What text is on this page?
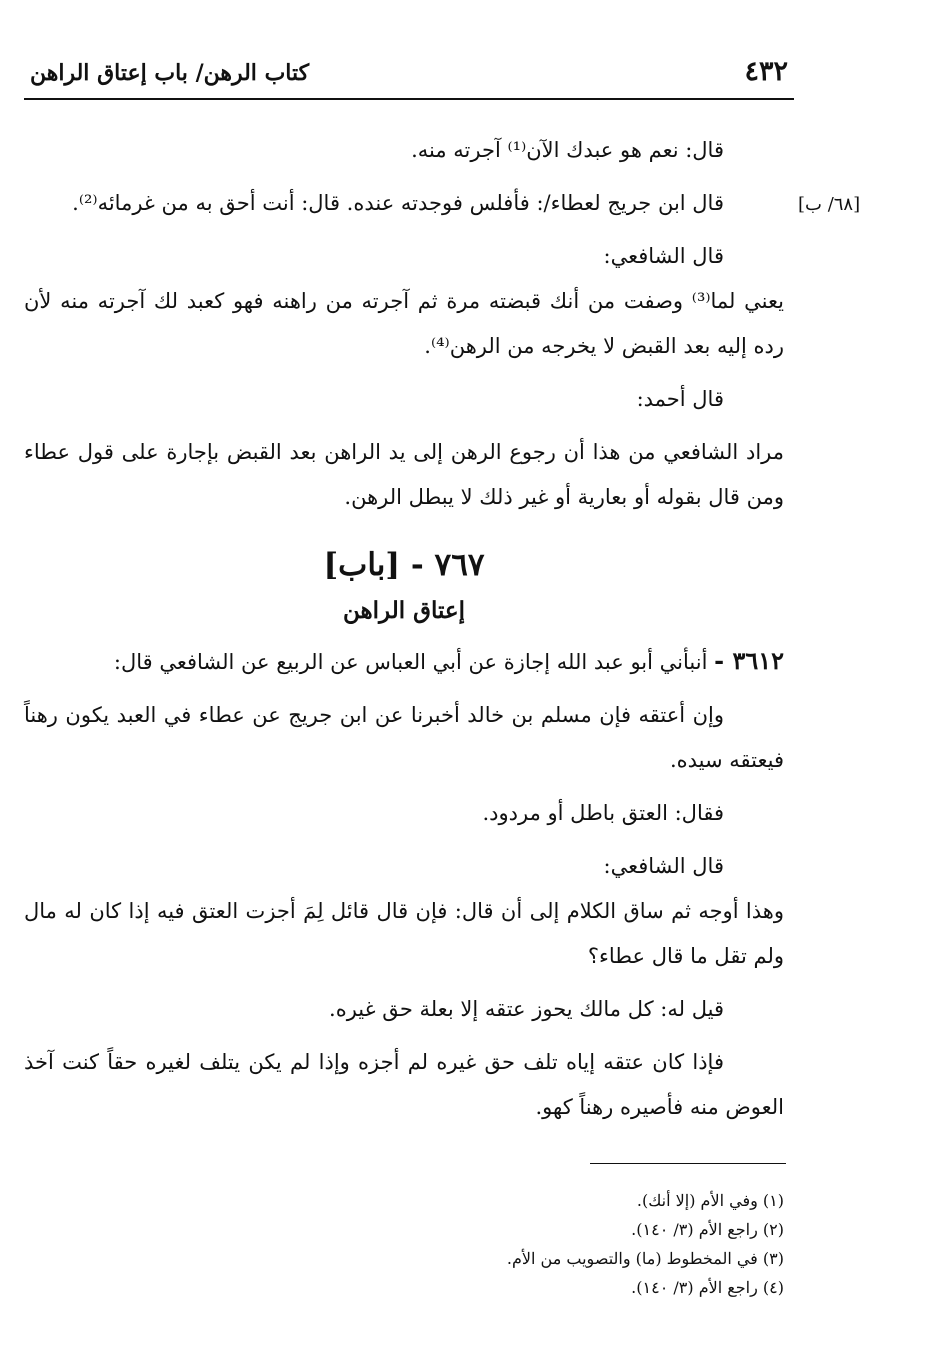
٤٣٢
كتاب الرهن/ باب إعتاق الراهن
[٦٨/ ب]

قال: نعم هو عبدك الآن⁽¹⁾ آجرته منه.

قال ابن جريج لعطاء/: فأفلس فوجدته عنده. قال: أنت أحق به من غرمائه⁽²⁾.

قال الشافعي:

يعني لما⁽³⁾ وصفت من أنك قبضته مرة ثم آجرته من راهنه فهو كعبد لك آجرته منه لأن رده إليه بعد القبض لا يخرجه من الرهن⁽⁴⁾.

قال أحمد:

مراد الشافعي من هذا أن رجوع الرهن إلى يد الراهن بعد القبض بإجارة على قول عطاء ومن قال بقوله أو بعارية أو غير ذلك لا يبطل الرهن.

٧٦٧ - [باب]
إعتاق الراهن

٣٦١٢ - أنبأني أبو عبد الله إجازة عن أبي العباس عن الربيع عن الشافعي قال:

وإن أعتقه فإن مسلم بن خالد أخبرنا عن ابن جريج عن عطاء في العبد يكون رهناً فيعتقه سيده.

فقال: العتق باطل أو مردود.

قال الشافعي:

وهذا أوجه ثم ساق الكلام إلى أن قال: فإن قال قائل لِمَ أجزت العتق فيه إذا كان له مال ولم تقل ما قال عطاء؟

قيل له: كل مالك يحوز عتقه إلا بعلة حق غيره.

فإذا كان عتقه إياه تلف حق غيره لم أجزه وإذا لم يكن يتلف لغيره حقاً كنت آخذ العوض منه فأصيره رهناً كهو.

(١) وفي الأم (إلا أنك).
(٢) راجع الأم (٣/ ١٤٠).
(٣) في المخطوط (ما) والتصويب من الأم.
(٤) راجع الأم (٣/ ١٤٠).
